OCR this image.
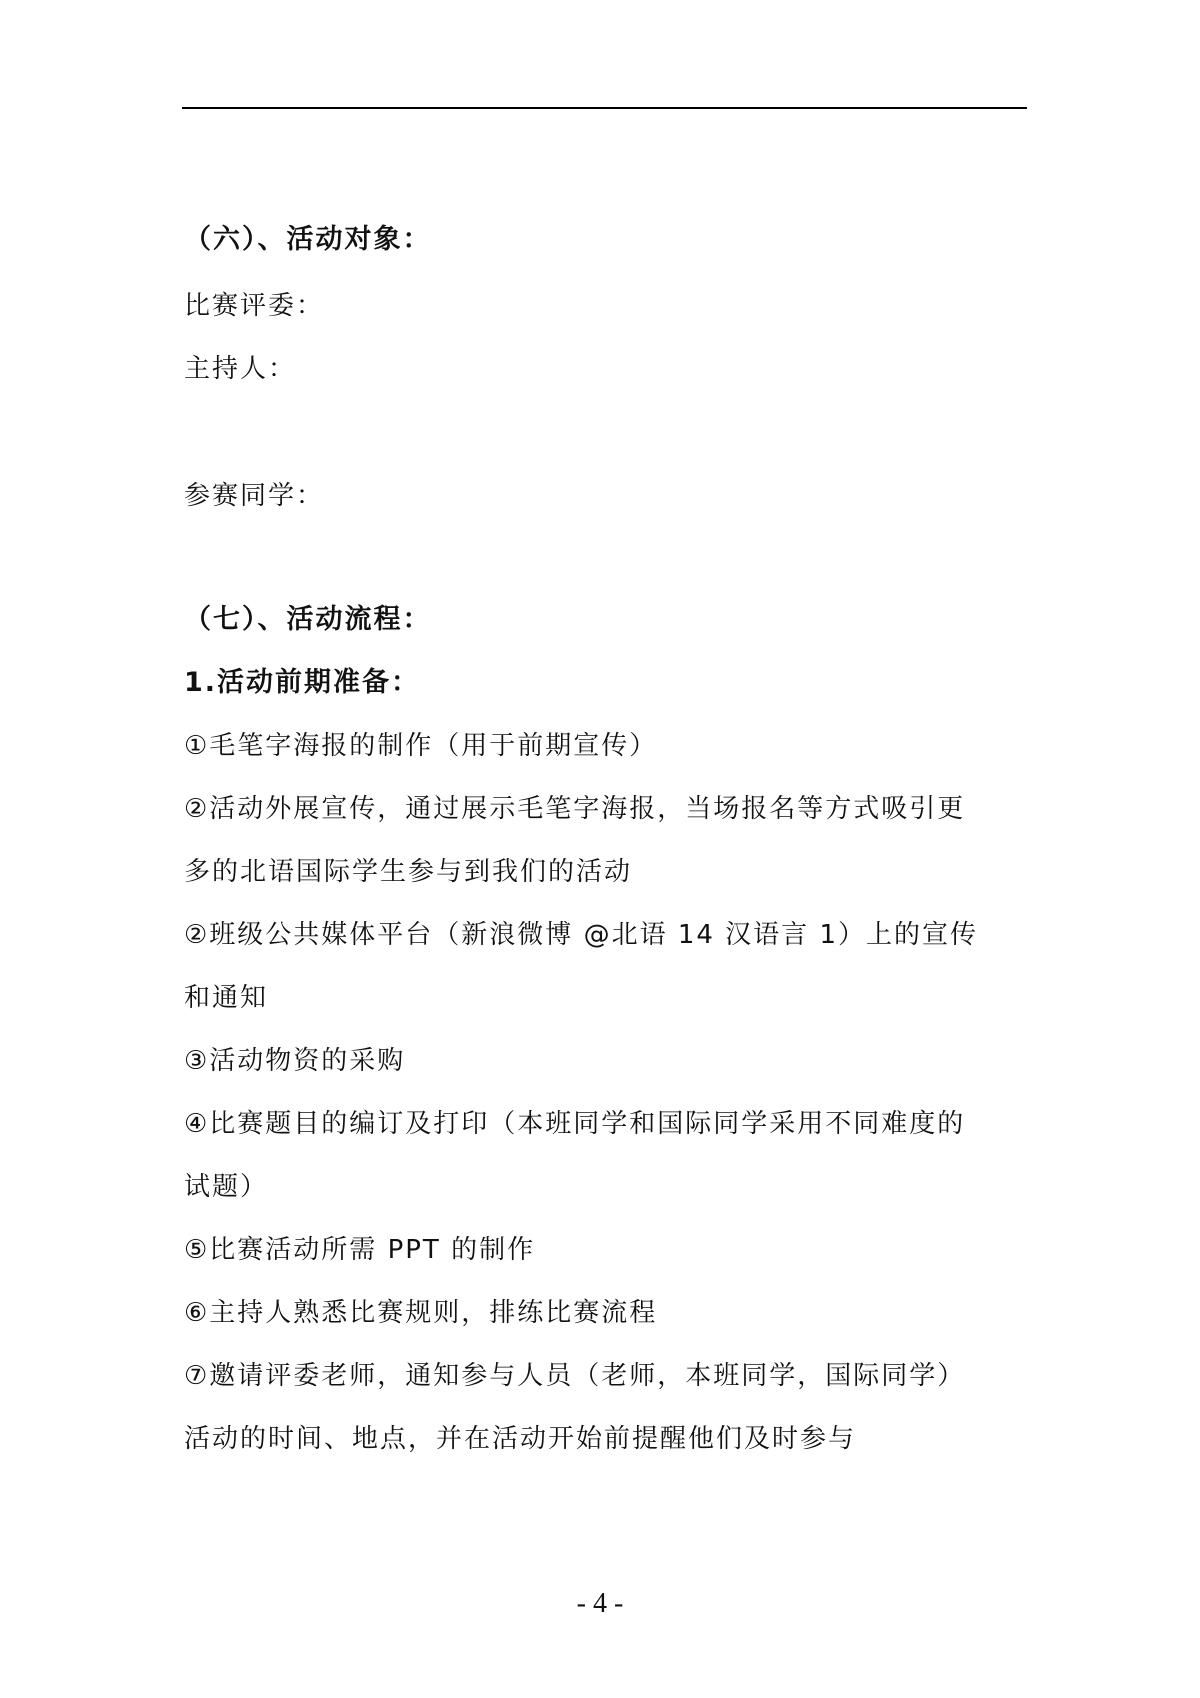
（六）、活动对象：
比赛评委：
主持人：
参赛同学：
（七）、活动流程：
1.活动前期准备：
①毛笔字海报的制作（用于前期宣传）
②活动外展宣传，通过展示毛笔字海报，当场报名等方式吸引更
多的北语国际学生参与到我们的活动
②班级公共媒体平台（新浪微博 @北语 14 汉语言 1）上的宣传
和通知
③活动物资的采购
④比赛题目的编订及打印（本班同学和国际同学采用不同难度的
试题）
⑤比赛活动所需 PPT 的制作
⑥主持人熟悉比赛规则，排练比赛流程
⑦邀请评委老师，通知参与人员（老师，本班同学，国际同学）
活动的时间、地点，并在活动开始前提醒他们及时参与
- 4 -
